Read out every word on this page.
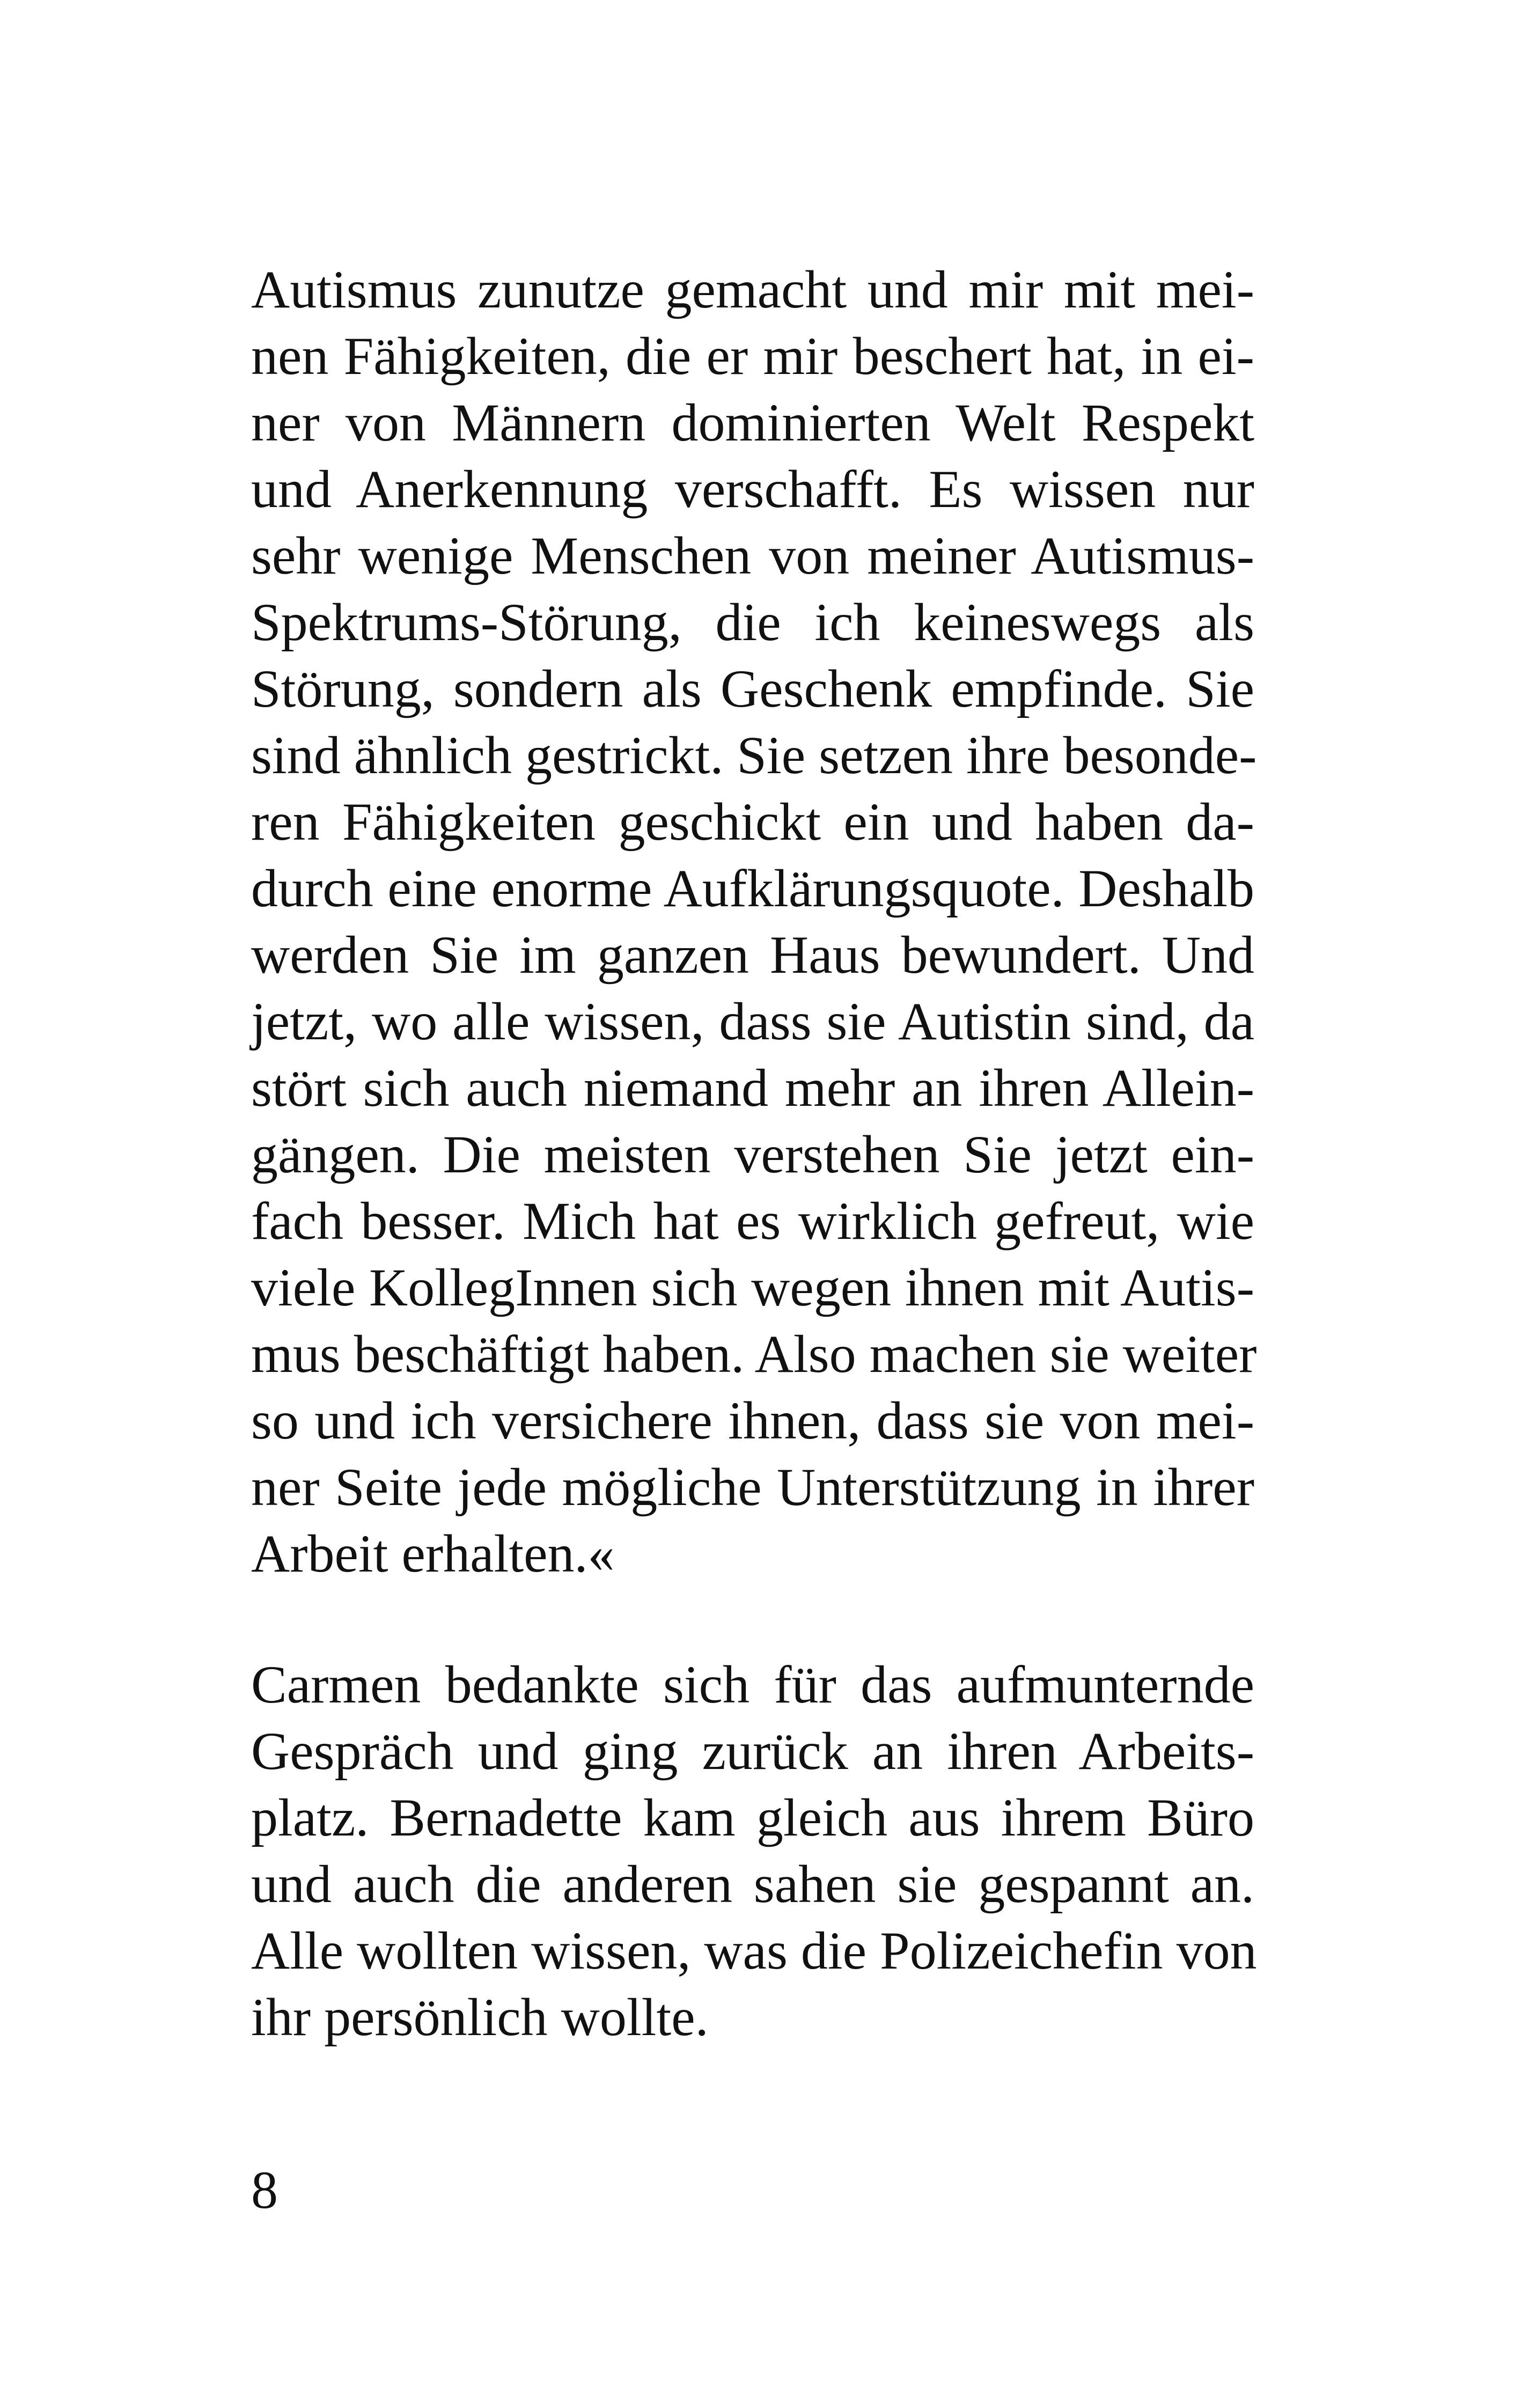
Autismus zunutze gemacht und mir mit mei-
nen Fähigkeiten, die er mir beschert hat, in ei-
ner von Männern dominierten Welt Respekt
und Anerkennung verschafft. Es wissen nur
sehr wenige Menschen von meiner Autismus-
Spektrums-Störung, die ich keineswegs als
Störung, sondern als Geschenk empfinde. Sie
sind ähnlich gestrickt. Sie setzen ihre besonde-
ren Fähigkeiten geschickt ein und haben da-
durch eine enorme Aufklärungsquote. Deshalb
werden Sie im ganzen Haus bewundert. Und
jetzt, wo alle wissen, dass sie Autistin sind, da
stört sich auch niemand mehr an ihren Allein-
gängen. Die meisten verstehen Sie jetzt ein-
fach besser. Mich hat es wirklich gefreut, wie
viele KollegInnen sich wegen ihnen mit Autis-
mus beschäftigt haben. Also machen sie weiter
so und ich versichere ihnen, dass sie von mei-
ner Seite jede mögliche Unterstützung in ihrer
Arbeit erhalten.«
Carmen bedankte sich für das aufmunternde
Gespräch und ging zurück an ihren Arbeits-
platz. Bernadette kam gleich aus ihrem Büro
und auch die anderen sahen sie gespannt an.
Alle wollten wissen, was die Polizeichefin von
ihr persönlich wollte.
8
